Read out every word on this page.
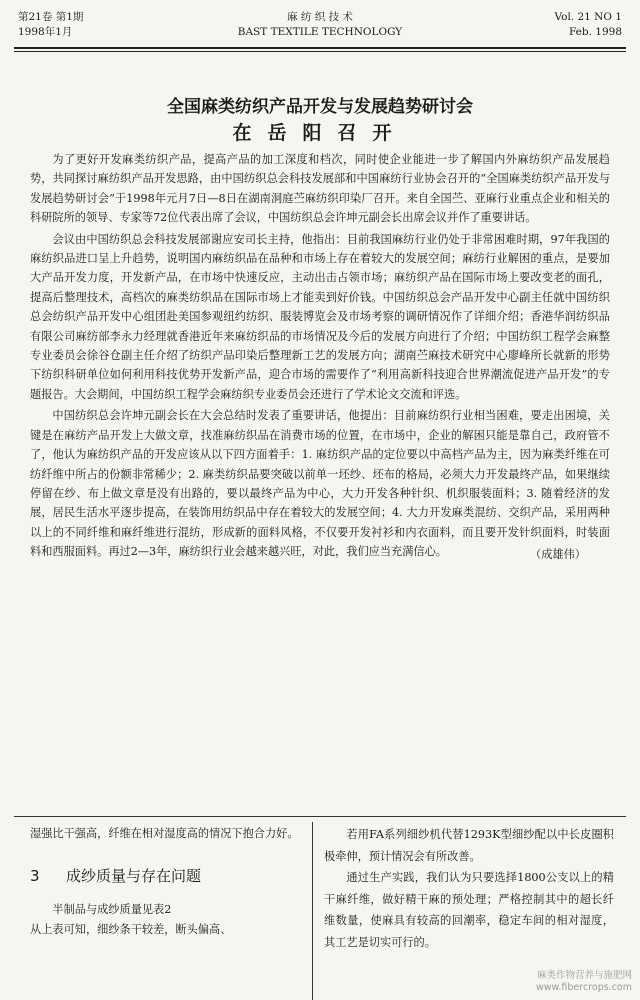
第21卷 第1期
1998年1月
麻 纺 织 技 术
BAST TEXTILE TECHNOLOGY
Vol. 21 NO 1
Feb. 1998
全国麻类纺织产品开发与发展趋势研讨会
在岳阳召开

为了更好开发麻类纺织产品，提高产品的加工深度和档次，同时使企业能进一步了解国内外麻纺织产品发展趋势，共同探讨麻纺织产品开发思路，由中国纺织总会科技发展部和中国麻纺行业协会召开的“全国麻类纺织产品开发与发展趋势研讨会”于1998年元月7日—8日在湖南洞庭苎麻纺织印染厂召开。来自全国苎、亚麻行业重点企业和相关的科研院所的领导、专家等72位代表出席了会议，中国纺织总会许坤元副会长出席会议并作了重要讲话。

会议由中国纺织总会科技发展部谢应安司长主持，他指出：目前我国麻纺行业仍处于非常困难时期，97年我国的麻纺织品进口呈上升趋势，说明国内麻纺织品在品种和市场上存在着较大的发展空间；麻纺行业解困的重点，是要加大产品开发力度，开发新产品，在市场中快速反应，主动出击占领市场；麻纺织产品在国际市场上要改变老的面孔，提高后整理技术，高档次的麻类纺织品在国际市场上才能卖到好价钱。中国纺织总会产品开发中心副主任就中国纺织总会纺织产品开发中心组团赴美国参观纽约纺织、服装博览会及市场考察的调研情况作了详细介绍；香港华润纺织品有限公司麻纺部李永力经理就香港近年来麻纺织品的市场情况及今后的发展方向进行了介绍；中国纺织工程学会麻整专业委员会徐谷仓副主任介绍了纺织产品印染后整理新工艺的发展方向；湖南苎麻技术研究中心廖峰所长就新的形势下纺织科研单位如何利用科技优势开发新产品，迎合市场的需要作了“利用高新科技迎合世界潮流促进产品开发”的专题报告。大会期间，中国纺织工程学会麻纺织专业委员会还进行了学术论文交流和评选。

中国纺织总会许坤元副会长在大会总结时发表了重要讲话，他提出：目前麻纺织行业相当困难，要走出困境，关键是在麻纺产品开发上大做文章，找准麻纺织品在消费市场的位置，在市场中，企业的解困只能是靠自己，政府管不了，他认为麻纺织产品的开发应该从以下四方面着手：1. 麻纺织产品的定位要以中高档产品为主，因为麻类纤维在可纺纤维中所占的份额非常稀少；2. 麻类纺织品要突破以前单一坯纱、坯布的格局，必须大力开发最终产品，如果继续停留在纱、布上做文章是没有出路的，要以最终产品为中心，大力开发各种针织、机织服装面料；3. 随着经济的发展，居民生活水平逐步提高，在装饰用纺织品中存在着较大的发展空间；4. 大力开发麻类混纺、交织产品，采用两种以上的不同纤维和麻纤维进行混纺，形成新的面料风格，不仅要开发衬衫和内衣面料，而且要开发针织面料，时装面料和西服面料。再过2—3年，麻纺织行业会越来越兴旺，对此，我们应当充满信心。	（成雄伟）

湿强比干强高，纤维在相对湿度高的情况下抱合力好。
3 成纱质量与存在问题
半制品与成纱质量见表2
从上表可知，细纱条干较差，断头偏高、

若用FA系列细纱机代替1293K型细纱配以中长皮圈积极牵伸，预计情况会有所改善。

通过生产实践，我们认为只要选择1800公支以上的精干麻纤维，做好精干麻的预处理；严格控制其中的超长纤维数量，使麻具有较高的回潮率，稳定车间的相对湿度，其工艺是切实可行的。

麻类作物营养与施肥网
www.fibercrops.com
